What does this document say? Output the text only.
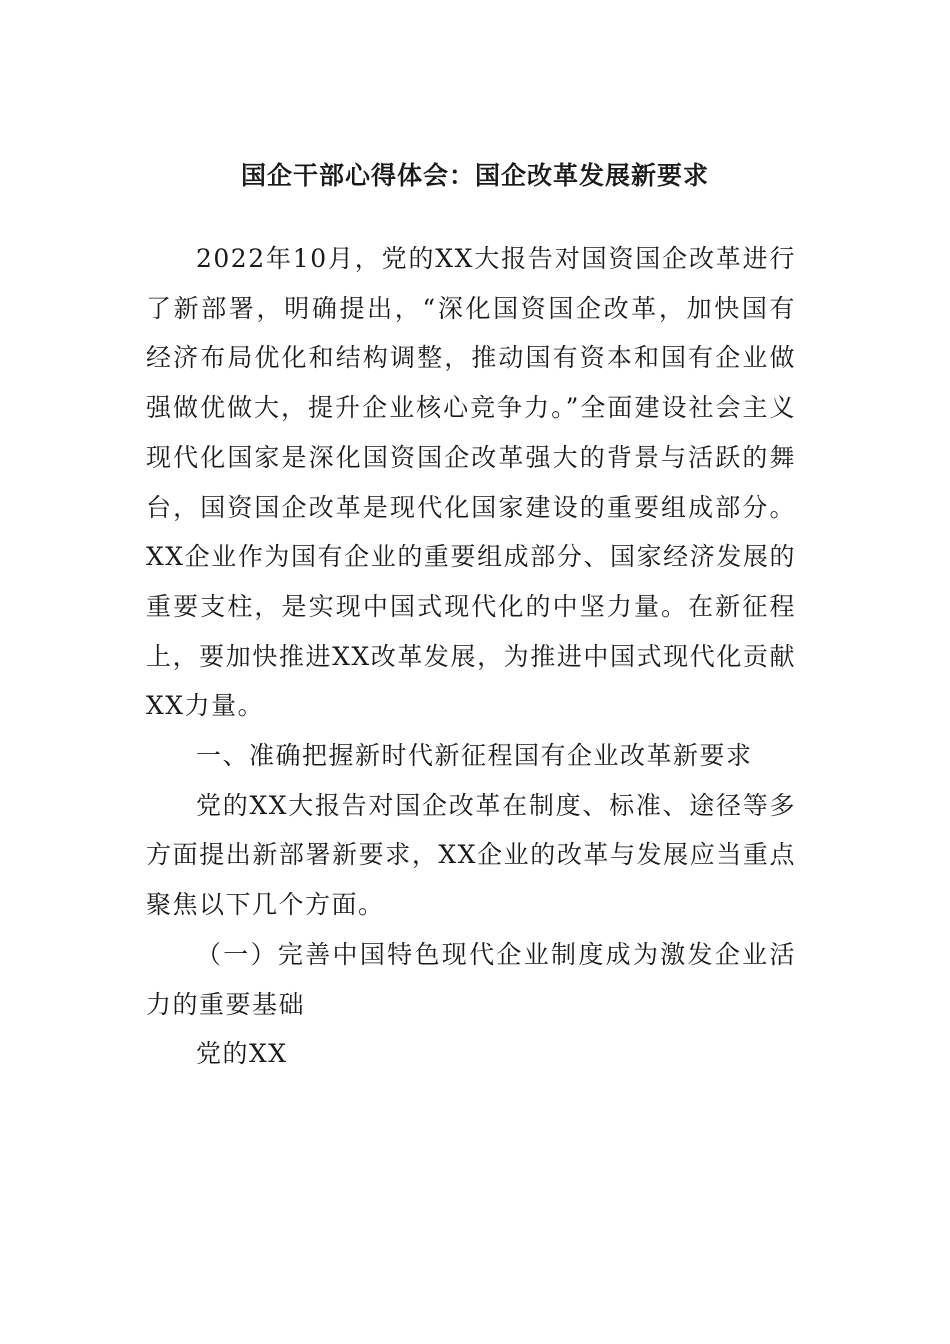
国企干部心得体会：国企改革发展新要求

2022年10月，党的XX大报告对国资国企改革进行了新部署，明确提出，“深化国资国企改革，加快国有经济布局优化和结构调整，推动国有资本和国有企业做强做优做大，提升企业核心竞争力。”全面建设社会主义现代化国家是深化国资国企改革强大的背景与活跃的舞台，国资国企改革是现代化国家建设的重要组成部分。XX企业作为国有企业的重要组成部分、国家经济发展的重要支柱，是实现中国式现代化的中坚力量。在新征程上，要加快推进XX改革发展，为推进中国式现代化贡献XX力量。

一、准确把握新时代新征程国有企业改革新要求

党的XX大报告对国企改革在制度、标准、途径等多方面提出新部署新要求，XX企业的改革与发展应当重点聚焦以下几个方面。

（一）完善中国特色现代企业制度成为激发企业活力的重要基础

党的XX
